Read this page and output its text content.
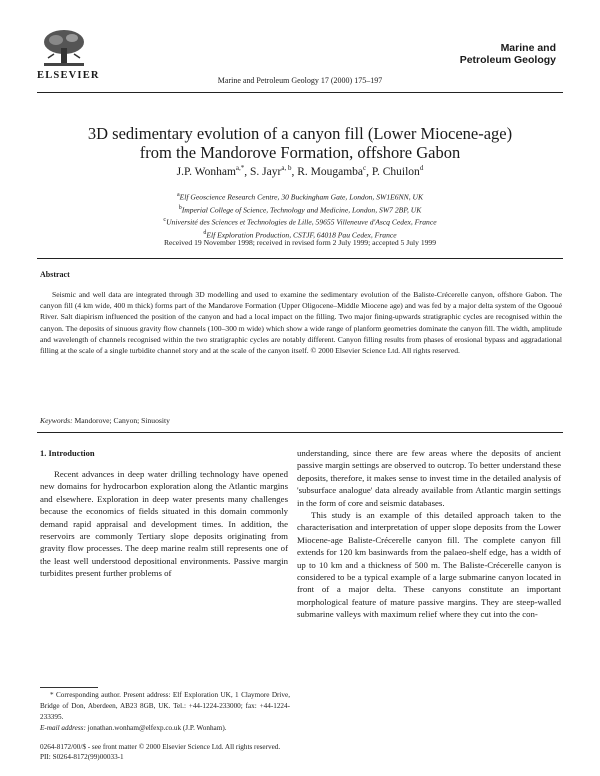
ELSEVIER
Marine and
Petroleum Geology
Marine and Petroleum Geology 17 (2000) 175–197
3D sedimentary evolution of a canyon fill (Lower Miocene-age)
from the Mandorove Formation, offshore Gabon
J.P. Wonham$^{a,*}$, S. Jayr$^{a, b}$, R. Mougamba$^c$, P. Chuilon$^d$
$^a$Elf Geoscience Research Centre, 30 Buckingham Gate, London, SW1E6NN, UK
$^b$Imperial College of Science, Technology and Medicine, London, SW7 2BP, UK
$^c$Université des Sciences et Technologies de Lille, 59655 Villeneuve d'Ascq Cedex, France
$^d$Elf Exploration Production, CSTJF, 64018 Pau Cedex, France
Received 19 November 1998; received in revised form 2 July 1999; accepted 5 July 1999
Abstract
Seismic and well data are integrated through 3D modelling and used to examine the sedimentary evolution of the Baliste-Crécerelle canyon, offshore Gabon. The canyon fill (4 km wide, 400 m thick) forms part of the Mandarove Formation (Upper Oligocene–Middle Miocene age) and was fed by a major delta system of the Ogooué River. Salt diapirism influenced the position of the canyon and had a local impact on the filling. Two major fining-upwards stratigraphic cycles are recognised within the canyon. The deposits of sinuous gravity flow channels (100–300 m wide) which show a wide range of planform geometries dominate the canyon fill. The width, amplitude and wavelength of channels recognised within the two stratigraphic cycles are notably different. Canyon filling results from phases of erosional bypass and aggradational filling at the scale of a single turbidite channel story and at the scale of the canyon itself. © 2000 Elsevier Science Ltd. All rights reserved.
Keywords: Mandorove; Canyon; Sinuosity
1. Introduction

Recent advances in deep water drilling technology have opened new domains for hydrocarbon exploration along the Atlantic margins and elsewhere. Exploration in deep water presents many challenges because the economics of fields situated in this domain commonly demand rapid appraisal and development times. In addition, the reservoirs are commonly Tertiary slope deposits originating from gravity flow processes. The deep marine realm still represents one of the least well understood depositional environments. Passive margin turbidites present further problems of

understanding, since there are few areas where the deposits of ancient passive margin settings are observed to outcrop. To better understand these deposits, therefore, it makes sense to invest time in the detailed analysis of 'subsurface analogue' data already available from Atlantic margin settings in the form of core and seismic databases.

This study is an example of this detailed approach taken to the characterisation and interpretation of upper slope deposits from the Lower Miocene-age Baliste-Crécerelle canyon fill. The complete canyon fill extends for 120 km basinwards from the palaeo-shelf edge, has a width of up to 10 km and a thickness of 500 m. The Baliste-Crécerelle canyon is considered to be a typical example of a large submarine canyon located in front of a major delta. These canyons constitute an important morphological feature of mature passive margins. They are steep-walled submarine valleys with maximum relief where they cut into the con-

* Corresponding author. Present address: Elf Exploration UK, 1 Claymore Drive, Bridge of Don, Aberdeen, AB23 8GB, UK. Tel.: +44-1224-233000; fax: +44-1224-233395.
E-mail address: jonathan.wonham@elfexp.co.uk (J.P. Wonham).
0264-8172/00/$ - see front matter © 2000 Elsevier Science Ltd. All rights reserved.
PII: S0264-8172(99)00033-1
